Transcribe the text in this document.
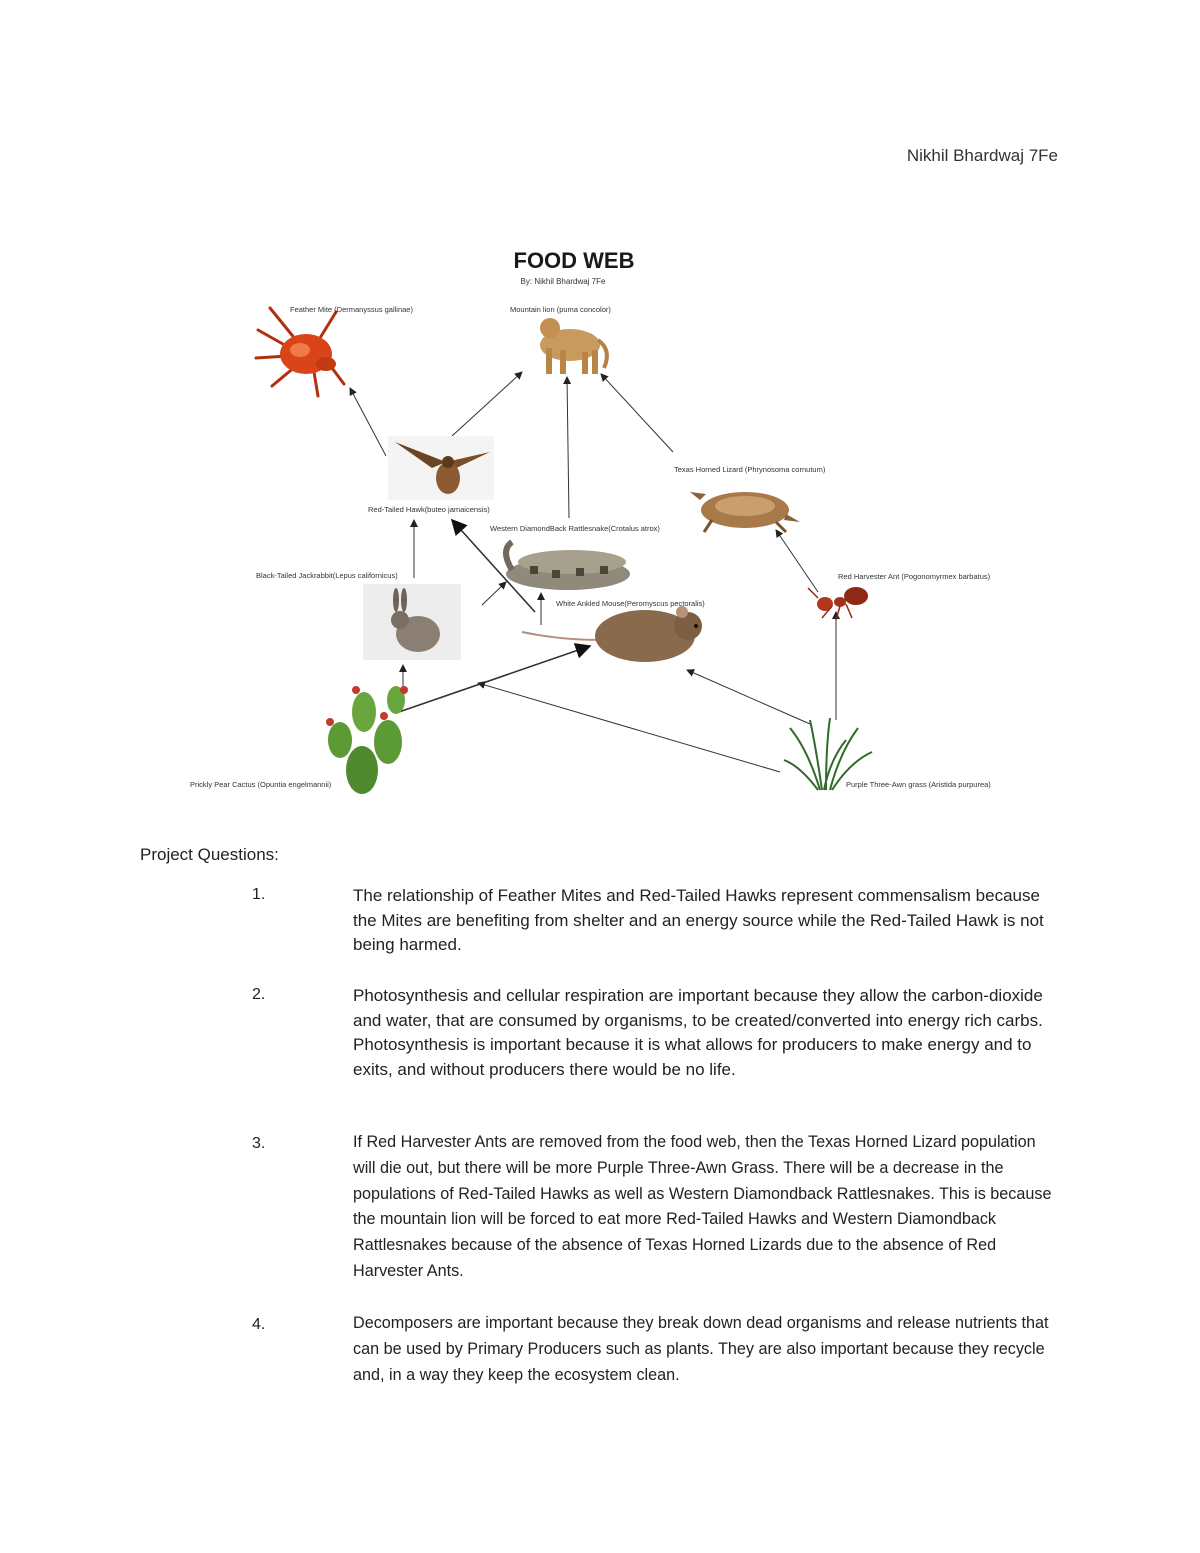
Nikhil Bhardwaj 7Fe
FOOD WEB
By: Nikhil Bhardwaj 7Fe
Feather Mite (Dermanyssus gallinae)	Mountain lion (puma concolor)
Red-Tailed Hawk(buteo jamaicensis)
Texas Horned Lizard (Phrynosoma cornutum)
Western DiamondBack Rattlesnake(Crotalus atrox)
Black-Tailed Jackrabbit(Lepus californicus)	Red Harvester Ant (Pogonomyrmex barbatus)
White Ankled Mouse(Peromyscus pectoralis)
Prickly Pear Cactus (Opuntia engelmannii)	Purple Three-Awn grass (Aristida purpurea)
Project Questions:
1.	The relationship of Feather Mites and Red-Tailed Hawks represent commensalism because the Mites are benefiting from shelter and an energy source while the Red-Tailed Hawk is not being harmed.
2.	Photosynthesis and cellular respiration are important because they allow the carbon-dioxide and water, that are consumed by organisms, to be created/converted into energy rich carbs. Photosynthesis is important because it is what allows for producers to make energy and to exits, and without producers there would be no life.
3.	If Red Harvester Ants are removed from the food web, then the Texas Horned Lizard population will die out, but there will be more Purple Three-Awn Grass. There will be a decrease in the populations of Red-Tailed Hawks as well as Western Diamondback Rattlesnakes. This is because the mountain lion will be forced to eat more Red-Tailed Hawks and Western Diamondback Rattlesnakes because of the absence of Texas Horned Lizards due to the absence of Red Harvester Ants.
4.	Decomposers are important because they break down dead organisms and release nutrients that can be used by Primary Producers such as plants. They are also important because they recycle and, in a way they keep the ecosystem clean.
